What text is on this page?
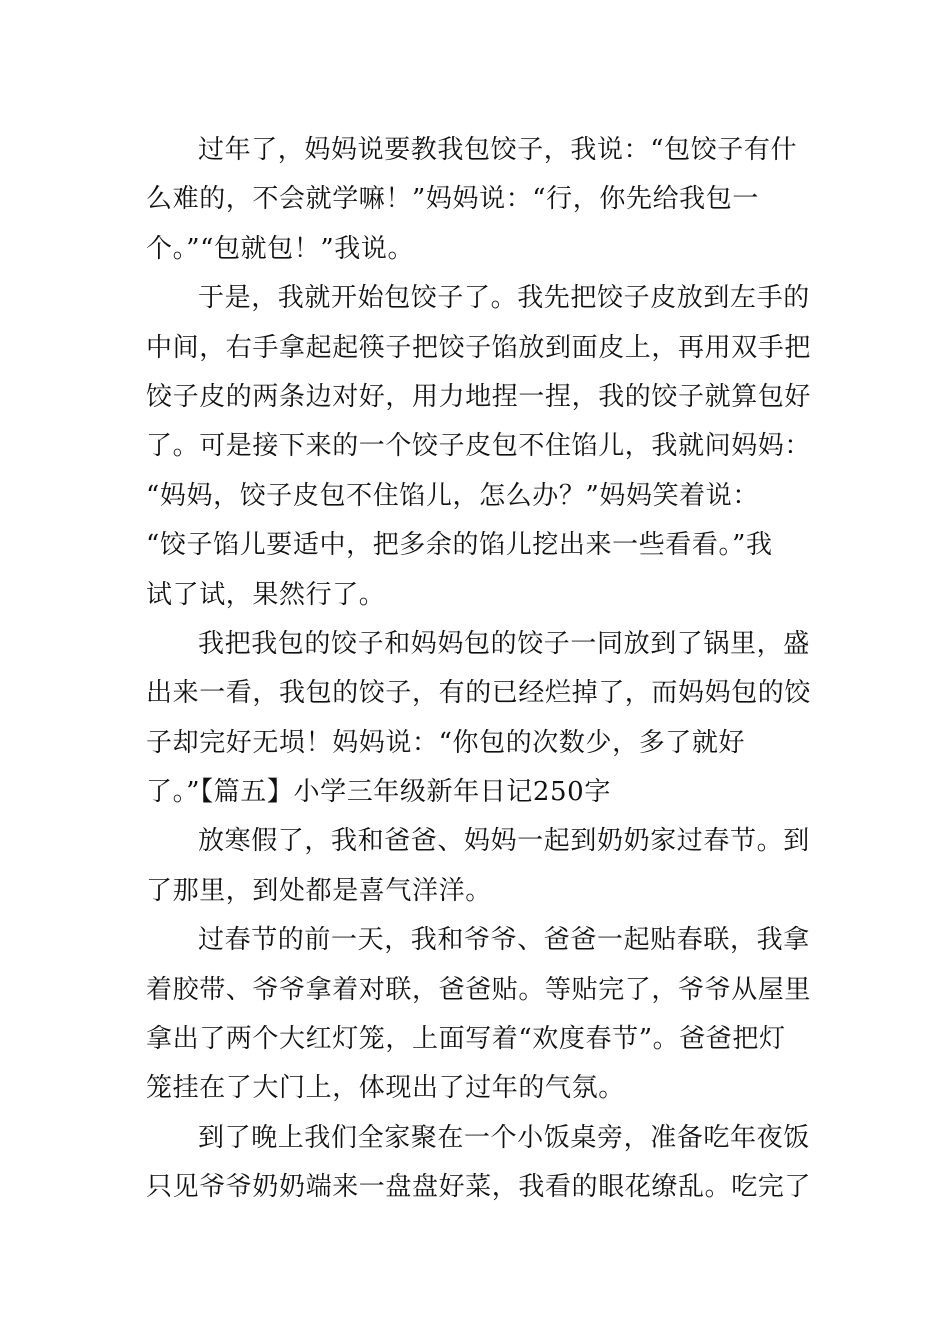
过年了，妈妈说要教我包饺子，我说：“包饺子有什
么难的，不会就学嘛！”妈妈说：“行，你先给我包一
个。”“包就包！”我说。
于是，我就开始包饺子了。我先把饺子皮放到左手的
中间，右手拿起起筷子把饺子馅放到面皮上，再用双手把
饺子皮的两条边对好，用力地捏一捏，我的饺子就算包好
了。可是接下来的一个饺子皮包不住馅儿，我就问妈妈：
“妈妈，饺子皮包不住馅儿，怎么办？”妈妈笑着说：
“饺子馅儿要适中，把多余的馅儿挖出来一些看看。”我
试了试，果然行了。
我把我包的饺子和妈妈包的饺子一同放到了锅里，盛
出来一看，我包的饺子，有的已经烂掉了，而妈妈包的饺
子却完好无埙！妈妈说：“你包的次数少，多了就好
了。”【篇五】小学三年级新年日记250字
放寒假了，我和爸爸、妈妈一起到奶奶家过春节。到
了那里，到处都是喜气洋洋。
过春节的前一天，我和爷爷、爸爸一起贴春联，我拿
着胶带、爷爷拿着对联，爸爸贴。等贴完了，爷爷从屋里
拿出了两个大红灯笼，上面写着“欢度春节”。爸爸把灯
笼挂在了大门上，体现出了过年的气氛。
到了晚上我们全家聚在一个小饭桌旁，准备吃年夜饭
只见爷爷奶奶端来一盘盘好菜，我看的眼花缭乱。吃完了
